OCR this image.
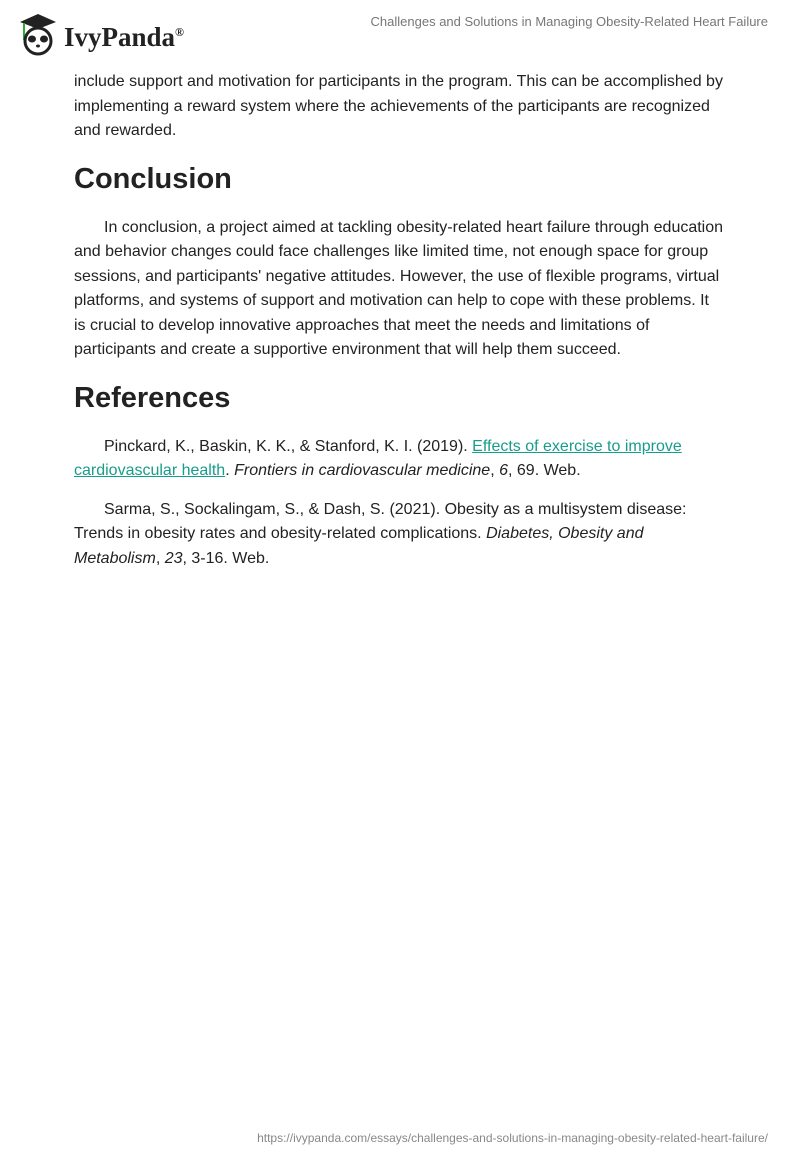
IvyPanda®
Challenges and Solutions in Managing Obesity-Related Heart Failure

include support and motivation for participants in the program. This can be accomplished by implementing a reward system where the achievements of the participants are recognized and rewarded.

Conclusion

In conclusion, a project aimed at tackling obesity-related heart failure through education and behavior changes could face challenges like limited time, not enough space for group sessions, and participants' negative attitudes. However, the use of flexible programs, virtual platforms, and systems of support and motivation can help to cope with these problems. It is crucial to develop innovative approaches that meet the needs and limitations of participants and create a supportive environment that will help them succeed.

References

Pinckard, K., Baskin, K. K., & Stanford, K. I. (2019). Effects of exercise to improve cardiovascular health. Frontiers in cardiovascular medicine, 6, 69. Web.

Sarma, S., Sockalingam, S., & Dash, S. (2021). Obesity as a multisystem disease: Trends in obesity rates and obesity-related complications. Diabetes, Obesity and Metabolism, 23, 3-16. Web.

https://ivypanda.com/essays/challenges-and-solutions-in-managing-obesity-related-heart-failure/
